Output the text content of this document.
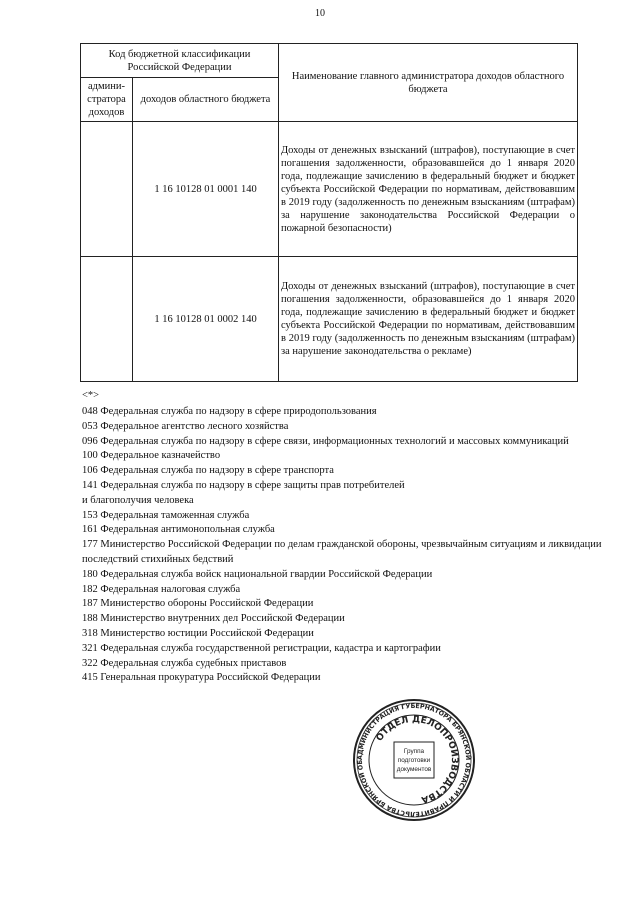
10
Код бюджетной классификации Российской Федерации		Наименование главного администратора доходов областного бюджета
админи-стратора доходов	доходов областного бюджета	
	1 16 10128 01 0001 140	Доходы от денежных взысканий (штрафов), поступающие в счет погашения задолженности, образовавшейся до 1 января 2020 года, подлежащие зачислению в федеральный бюджет и бюджет субъекта Российской Федерации по нормативам, действовавшим в 2019 году (задолженность по денежным взысканиям (штрафам) за нарушение законодательства Российской Федерации о пожарной безопасности)
	1 16 10128 01 0002 140	Доходы от денежных взысканий (штрафов), поступающие в счет погашения задолженности, образовавшейся до 1 января 2020 года, подлежащие зачислению в федеральный бюджет и бюджет субъекта Российской Федерации по нормативам, действовавшим в 2019 году (задолженность по денежным взысканиям (штрафам) за нарушение законодательства о рекламе)
<*>
048 Федеральная служба по надзору в сфере природопользования
053 Федеральное агентство лесного хозяйства
096 Федеральная служба по надзору в сфере связи, информационных технологий и массовых коммуникаций
100 Федеральное казначейство
106 Федеральная служба по надзору в сфере транспорта
141 Федеральная служба по надзору в сфере защиты прав потребителей
и благополучия человека
153 Федеральная таможенная служба
161 Федеральная антимонопольная служба
177 Министерство Российской Федерации по делам гражданской обороны, чрезвычайным ситуациям и ликвидации последствий стихийных бедствий
180 Федеральная служба войск национальной гвардии Российской Федерации
182 Федеральная налоговая служба
187 Министерство обороны Российской Федерации
188 Министерство внутренних дел Российской Федерации
318 Министерство юстиции Российской Федерации
321 Федеральная служба государственной регистрации, кадастра и картографии
322 Федеральная служба судебных приставов
415 Генеральная прокуратура Российской Федерации
АДМИНИСТРАЦИЯ ГУБЕРНАТОРА БРЯНСКОЙ ОБЛАСТИ И ПРАВИТЕЛЬСТВА БРЯНСКОЙ ОБ
ОТДЕЛ ДЕЛОПРОИЗВОДСТВА
Группа
подготовки
документов
